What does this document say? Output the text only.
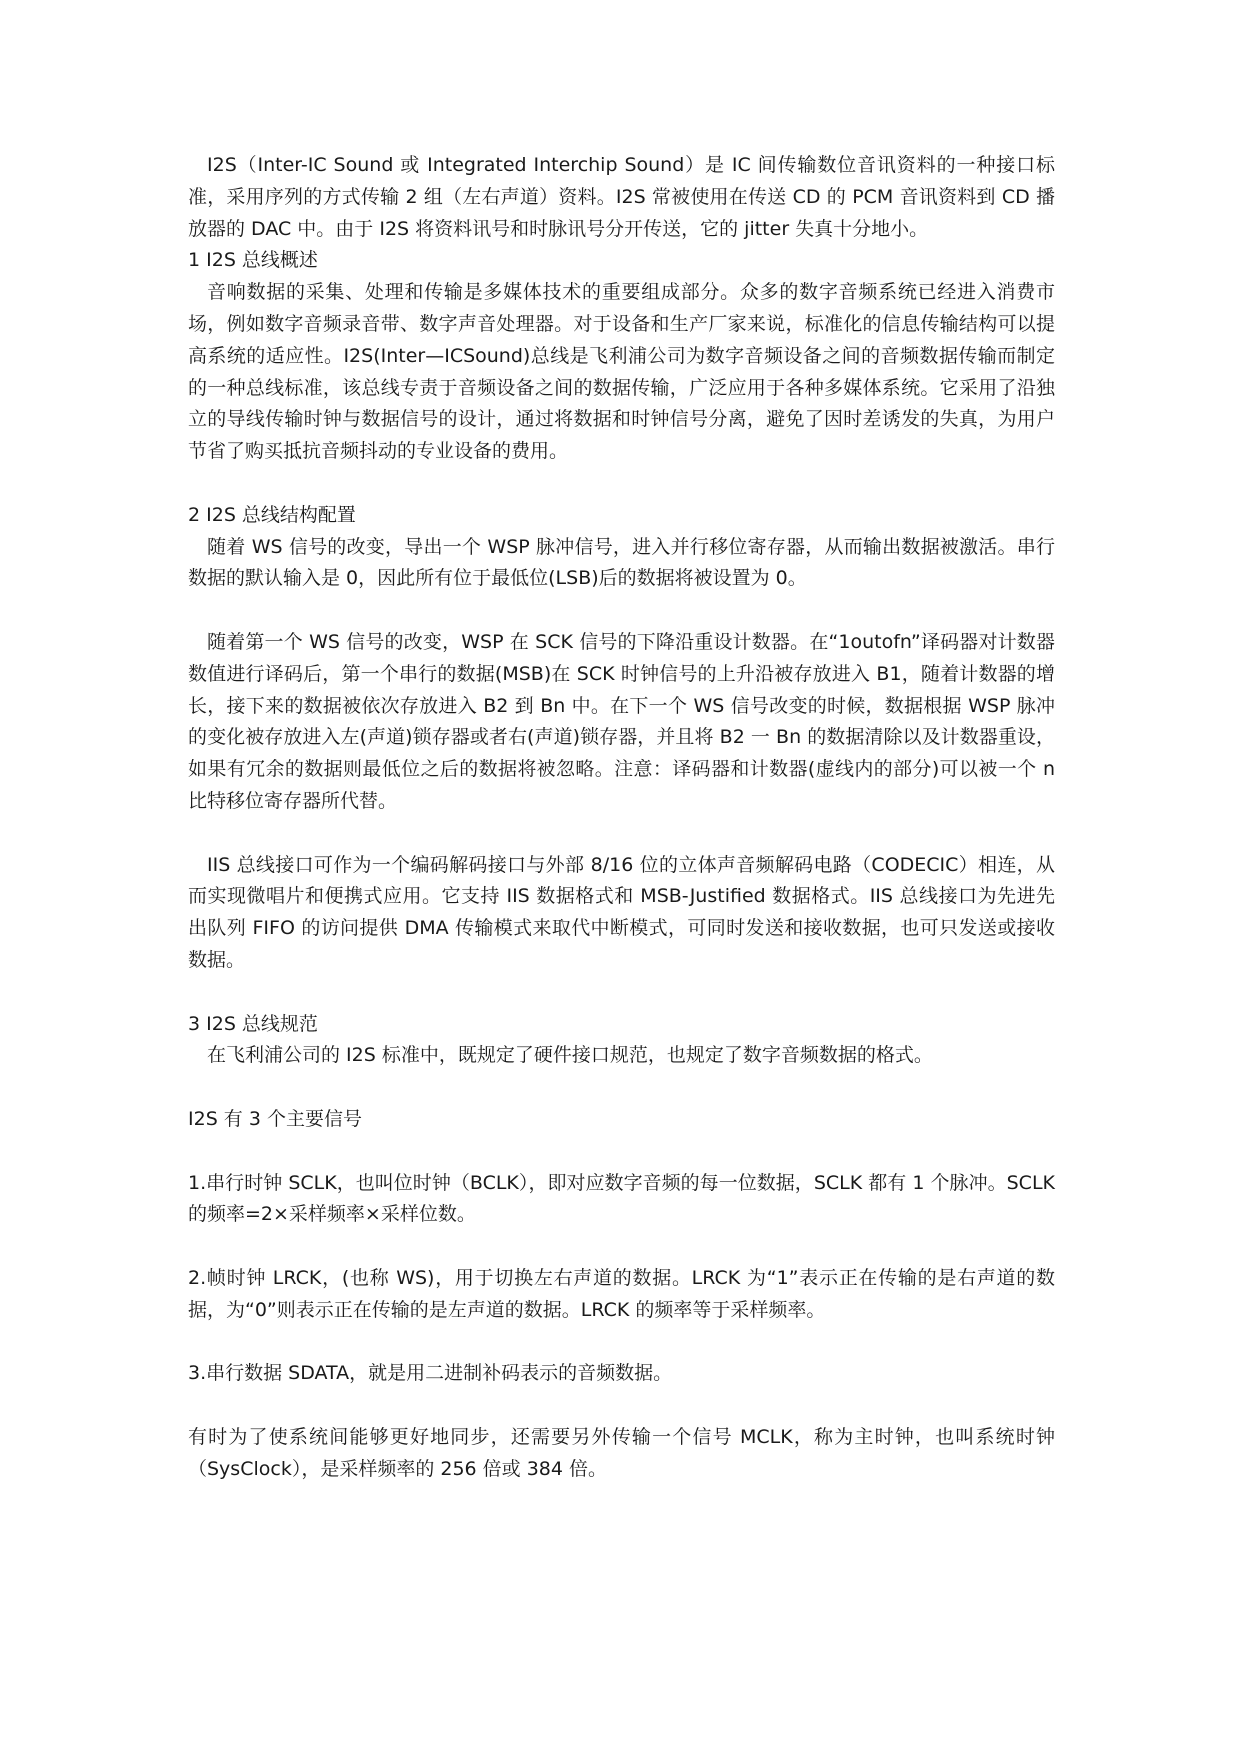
I2S（Inter-IC Sound 或 Integrated Interchip Sound）是 IC 间传输数位音讯资料的一种接口标准，采用序列的方式传输 2 组（左右声道）资料。I2S 常被使用在传送 CD 的 PCM 音讯资料到 CD 播放器的 DAC 中。由于 I2S 将资料讯号和时脉讯号分开传送，它的 jitter 失真十分地小。

1 I2S 总线概述

音响数据的采集、处理和传输是多媒体技术的重要组成部分。众多的数字音频系统已经进入消费市场，例如数字音频录音带、数字声音处理器。对于设备和生产厂家来说，标准化的信息传输结构可以提高系统的适应性。I2S(Inter—ICSound)总线是飞利浦公司为数字音频设备之间的音频数据传输而制定的一种总线标准，该总线专责于音频设备之间的数据传输，广泛应用于各种多媒体系统。它采用了沿独立的导线传输时钟与数据信号的设计，通过将数据和时钟信号分离，避免了因时差诱发的失真，为用户节省了购买抵抗音频抖动的专业设备的费用。

2 I2S 总线结构配置

随着 WS 信号的改变，导出一个 WSP 脉冲信号，进入并行移位寄存器，从而输出数据被激活。串行数据的默认输入是 0，因此所有位于最低位(LSB)后的数据将被设置为 0。

随着第一个 WS 信号的改变，WSP 在 SCK 信号的下降沿重设计数器。在“1outofn”译码器对计数器数值进行译码后，第一个串行的数据(MSB)在 SCK 时钟信号的上升沿被存放进入 B1，随着计数器的增长，接下来的数据被依次存放进入 B2 到 Bn 中。在下一个 WS 信号改变的时候，数据根据 WSP 脉冲的变化被存放进入左(声道)锁存器或者右(声道)锁存器，并且将 B2 一 Bn 的数据清除以及计数器重设，如果有冗余的数据则最低位之后的数据将被忽略。注意：译码器和计数器(虚线内的部分)可以被一个 n 比特移位寄存器所代替。

IIS 总线接口可作为一个编码解码接口与外部 8/16 位的立体声音频解码电路（CODECIC）相连，从而实现微唱片和便携式应用。它支持 IIS 数据格式和 MSB-Justified 数据格式。IIS 总线接口为先进先出队列 FIFO 的访问提供 DMA 传输模式来取代中断模式，可同时发送和接收数据，也可只发送或接收数据。

3 I2S 总线规范

在飞利浦公司的 I2S 标准中，既规定了硬件接口规范，也规定了数字音频数据的格式。

I2S 有 3 个主要信号

1.串行时钟 SCLK，也叫位时钟（BCLK），即对应数字音频的每一位数据，SCLK 都有 1 个脉冲。SCLK 的频率=2×采样频率×采样位数。

2.帧时钟 LRCK，(也称 WS)，用于切换左右声道的数据。LRCK 为“1”表示正在传输的是右声道的数据，为“0”则表示正在传输的是左声道的数据。LRCK 的频率等于采样频率。

3.串行数据 SDATA，就是用二进制补码表示的音频数据。

有时为了使系统间能够更好地同步，还需要另外传输一个信号 MCLK，称为主时钟，也叫系统时钟（SysClock），是采样频率的 256 倍或 384 倍。
